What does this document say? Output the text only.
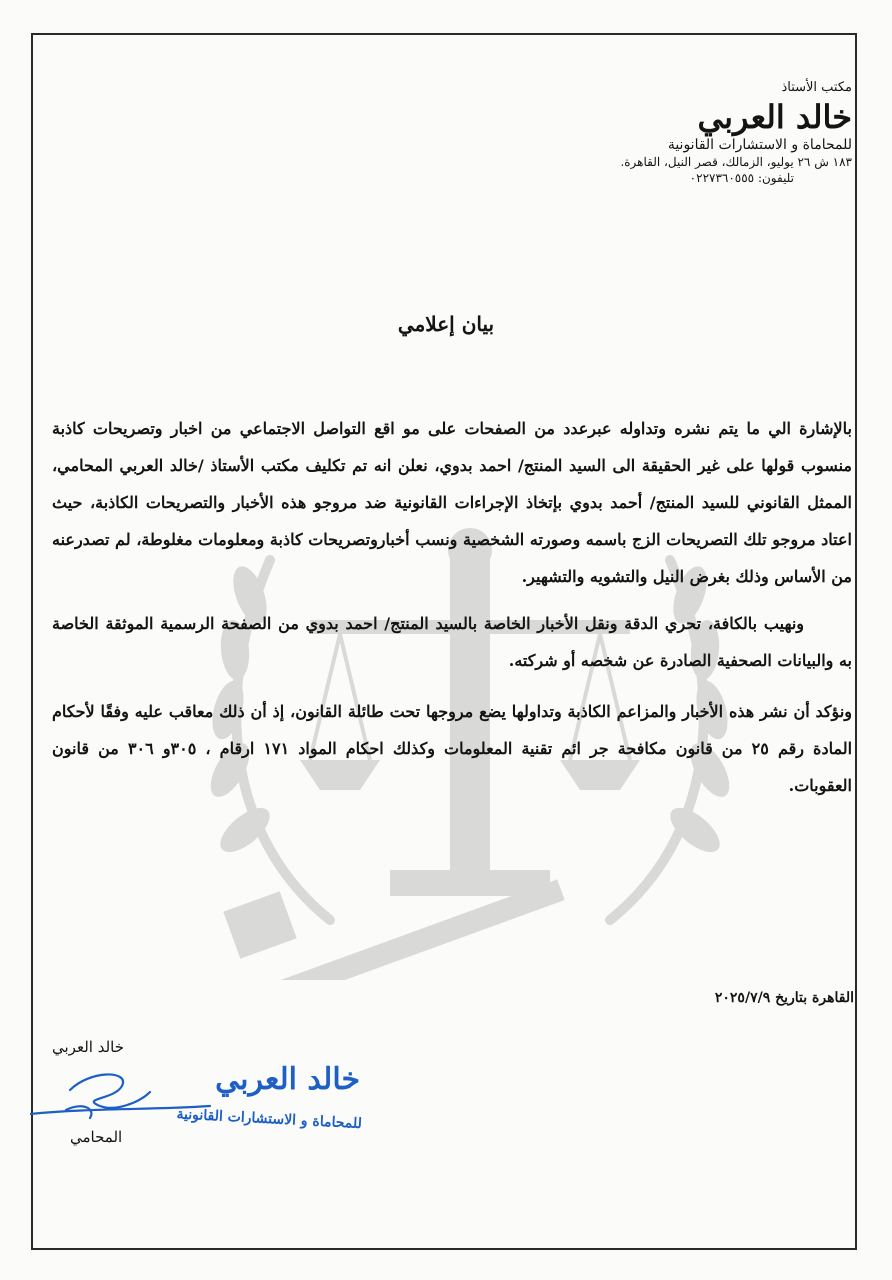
مكتب الأستاذ
خالد العربي
للمحاماة و الاستشارات القانونية
١٨٣ ش ٢٦ يوليو، الزمالك، قصر النيل، القاهرة.
تليفون: ٠٢٢٧٣٦٠٥٥٥
بيان إعلامي

بالإشارة الي ما يتم نشره وتداوله عبرعدد من الصفحات على مو اقع التواصل الاجتماعي من اخبار وتصريحات كاذبة منسوب قولها على غير الحقيقة الى السيد المنتج/ احمد بدوي، نعلن انه تم تكليف مكتب الأستاذ /خالد العربي المحامي، الممثل القانوني للسيد المنتج/ أحمد بدوي بإتخاذ الإجراءات القانونية ضد مروجو هذه الأخبار والتصريحات الكاذبة، حيث اعتاد مروجو تلك التصريحات الزج باسمه وصورته الشخصية ونسب أخباروتصريحات كاذبة ومعلومات مغلوطة، لم تصدرعنه من الأساس وذلك بغرض النيل والتشويه والتشهير.

ونهيب بالكافة، تحري الدقة ونقل الأخبار الخاصة بالسيد المنتج/ احمد بدوي من الصفحة الرسمية الموثقة الخاصة به والبيانات الصحفية الصادرة عن شخصه أو شركته.

ونؤكد أن نشر هذه الأخبار والمزاعم الكاذبة وتداولها يضع مروجها تحت طائلة القانون، إذ أن ذلك معاقب عليه وفقًا لأحكام المادة رقم ٢٥ من قانون مكافحة جر ائم تقنية المعلومات وكذلك احكام المواد ١٧١ ارقام ، ٣٠٥و ٣٠٦ من قانون العقوبات.

القاهرة بتاريخ ٢٠٢٥/٧/٩
خالد العربي
خالد العربي
للمحاماة و الاستشارات القانونية
المحامي
